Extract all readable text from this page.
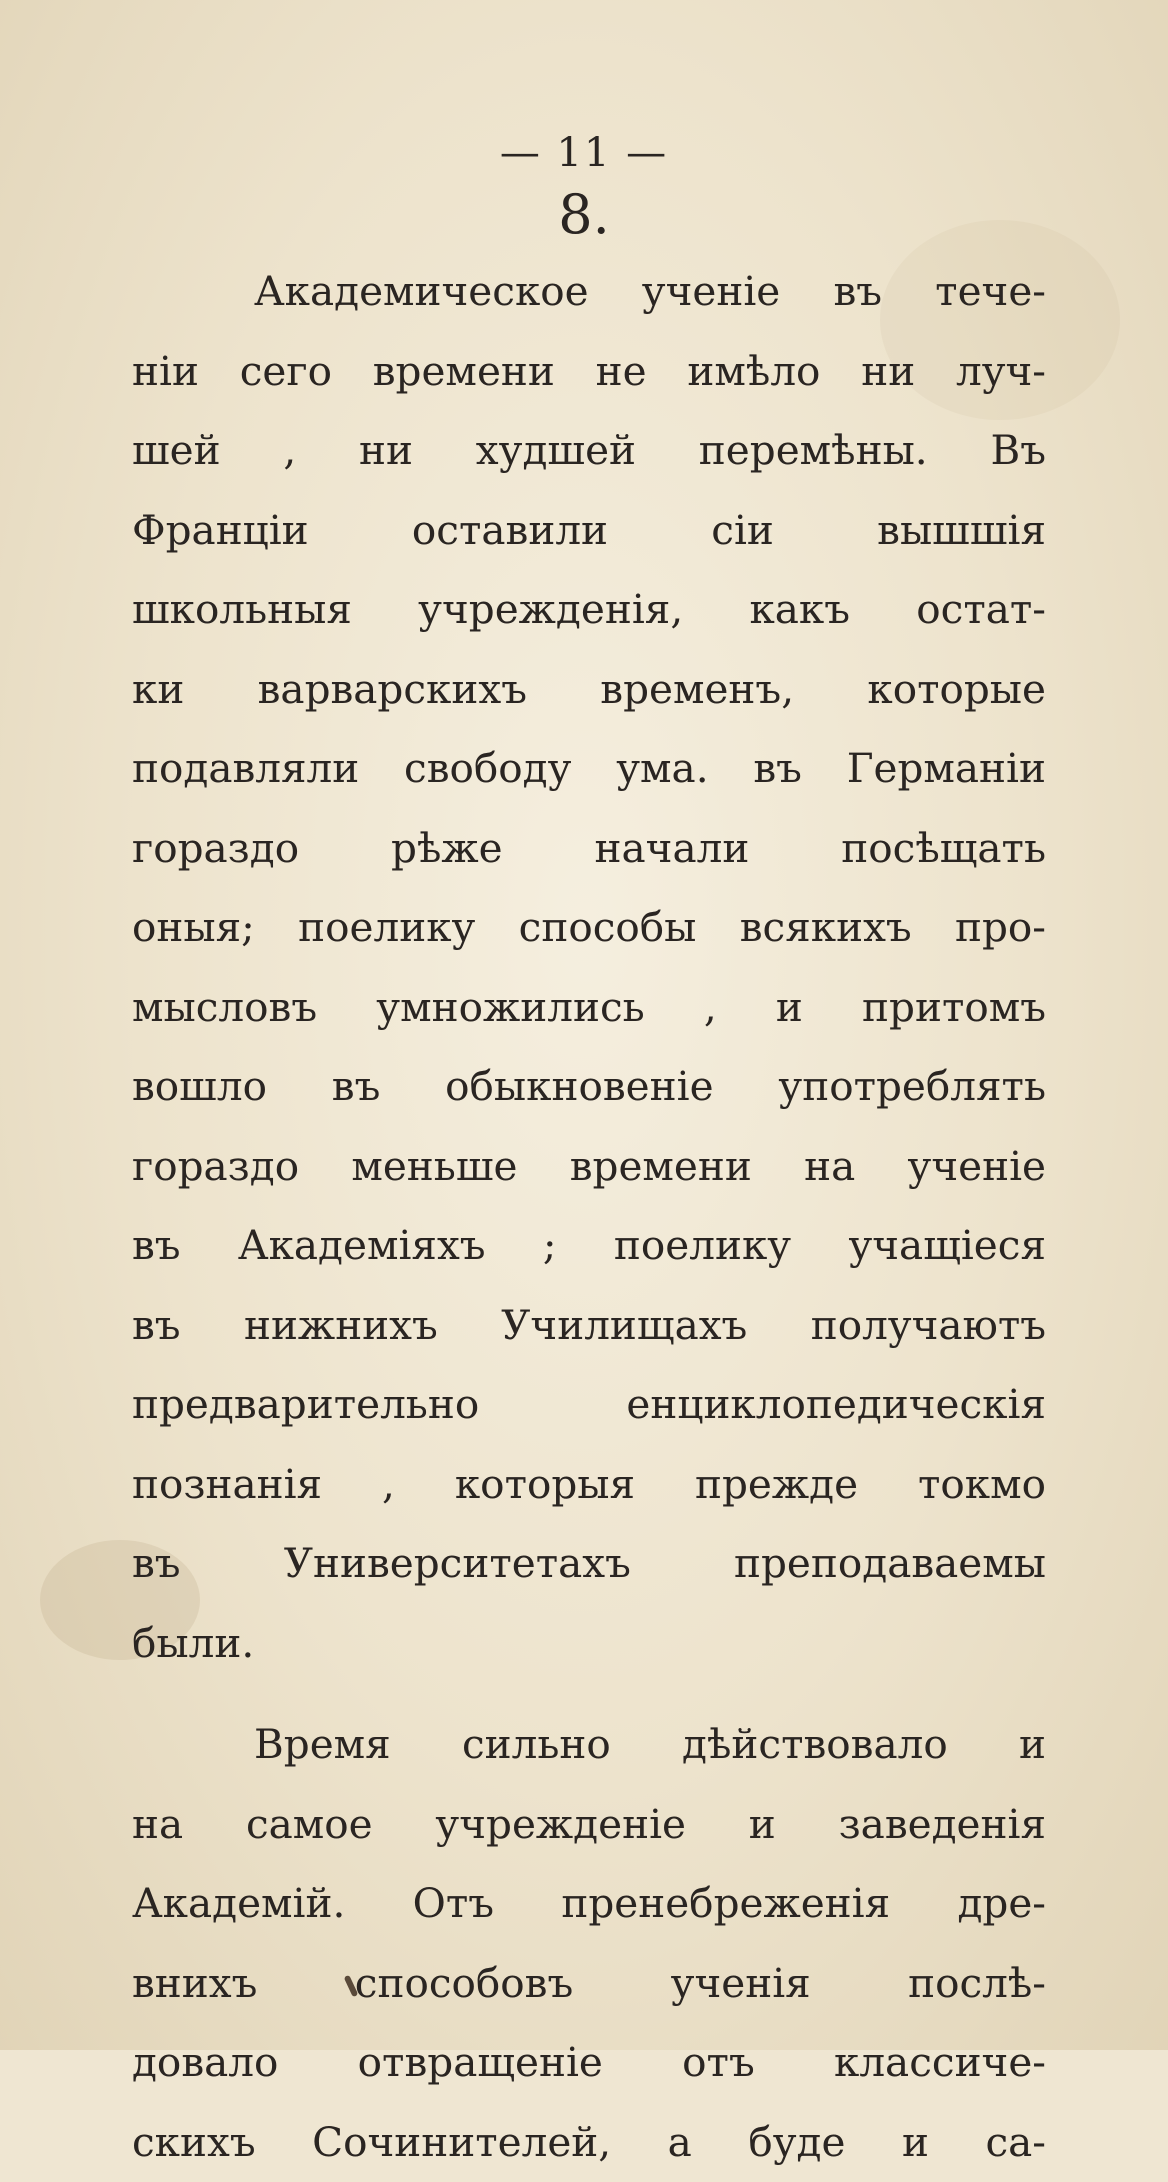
— 11 —
8.
Академическое ученіе въ тече-
ніи сего времени не имѣло ни луч-
шей , ни худшей перемѣны. Въ
Франціи оставили сіи вышшія
школьныя учрежденія, какъ остат-
ки варварскихъ временъ, которые
подавляли свободу ума. въ Германіи
гораздо рѣже начали посѣщать
оныя; поелику способы всякихъ про-
мысловъ умножились , и притомъ
вошло въ обыкновеніе употреблять
гораздо меньше времени на ученіе
въ Академіяхъ ; поелику учащіеся
въ нижнихъ Училищахъ получаютъ
предварительно енциклопедическія
познанія , которыя прежде токмо
въ Университетахъ преподаваемы
были.
Время сильно дѣйствовало и
на самое учрежденіе и заведенія
Академій. Отъ пренебреженія дре-
внихъ способовъ ученія послѣ-
довало отвращеніе отъ классиче-
скихъ Сочинителей, а буде и са-
